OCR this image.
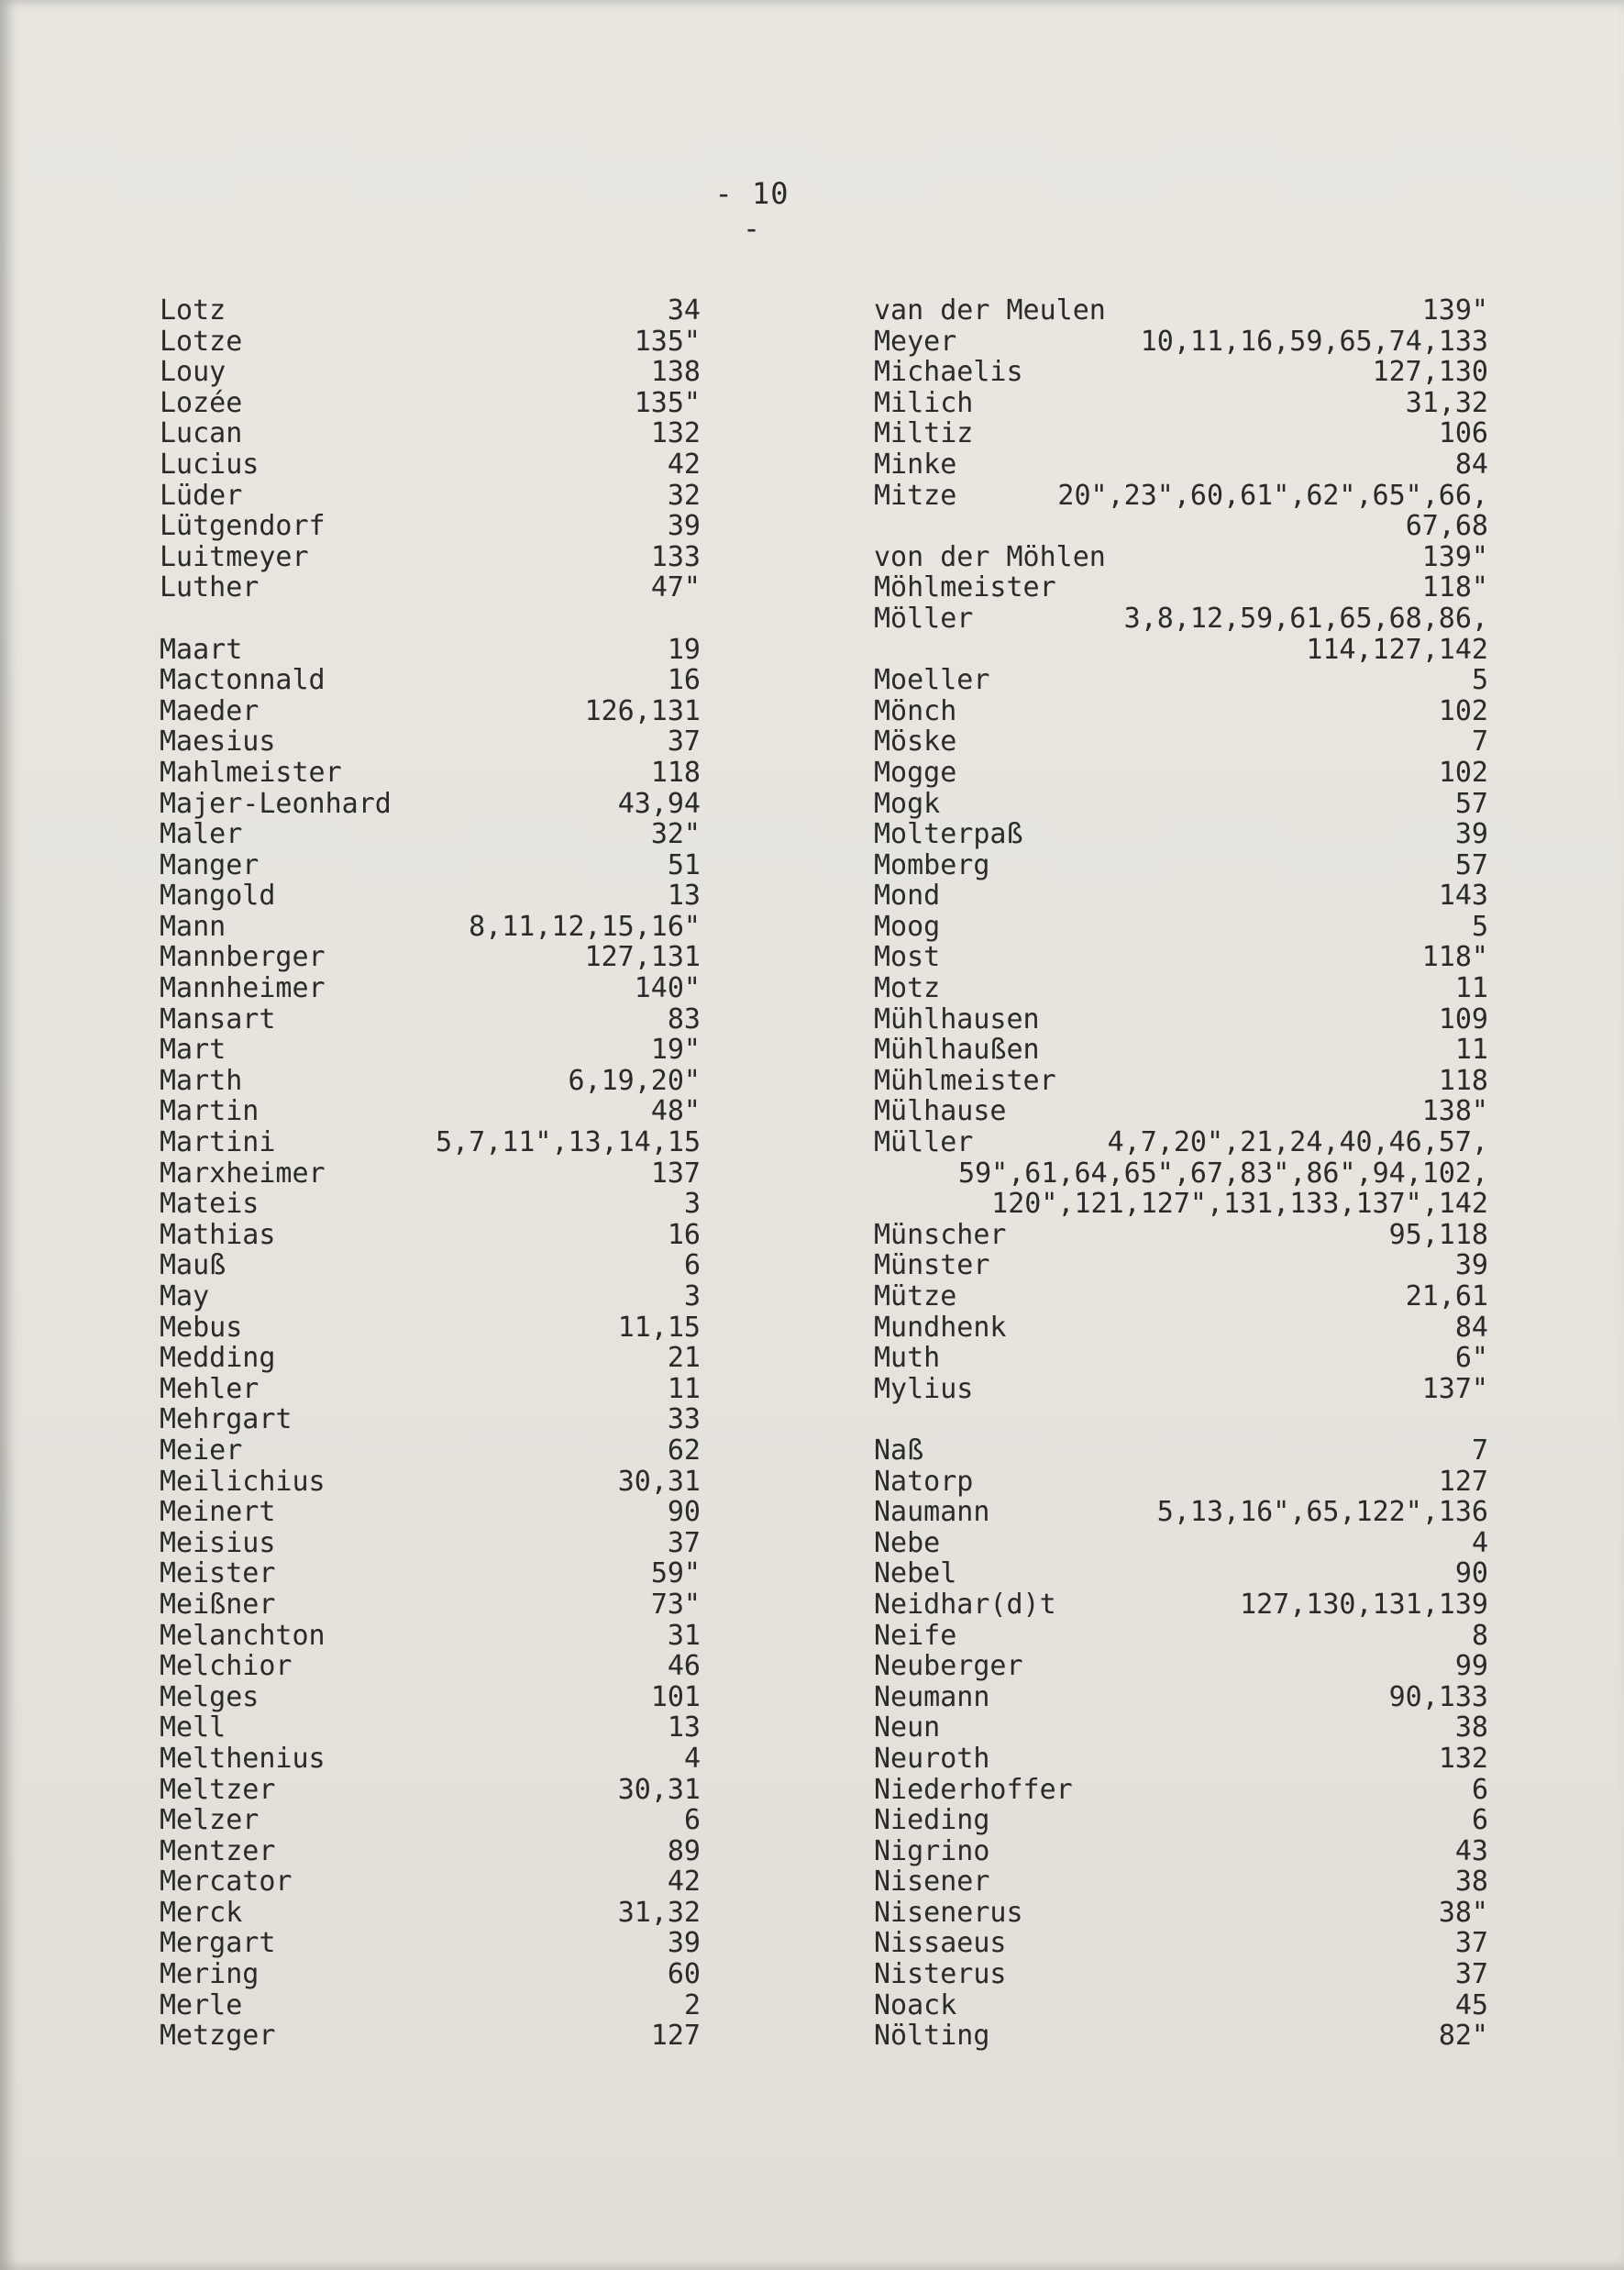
- 10 -
Lotz	34
Lotze	135"
Louy	138
Lozée	135"
Lucan	132
Lucius	42
Lüder	32
Lütgendorf	39
Luitmeyer	133
Luther	47"
Maart	19
Mactonnald	16
Maeder	126,131
Maesius	37
Mahlmeister	118
Majer-Leonhard	43,94
Maler	32"
Manger	51
Mangold	13
Mann	8,11,12,15,16"
Mannberger	127,131
Mannheimer	140"
Mansart	83
Mart	19"
Marth	6,19,20"
Martin	48"
Martini	5,7,11",13,14,15
Marxheimer	137
Mateis	3
Mathias	16
Mauß	6
May	3
Mebus	11,15
Medding	21
Mehler	11
Mehrgart	33
Meier	62
Meilichius	30,31
Meinert	90
Meisius	37
Meister	59"
Meißner	73"
Melanchton	31
Melchior	46
Melges	101
Mell	13
Melthenius	4
Meltzer	30,31
Melzer	6
Mentzer	89
Mercator	42
Merck	31,32
Mergart	39
Mering	60
Merle	2
Metzger	127
van der Meulen	139"
Meyer	10,11,16,59,65,74,133
Michaelis	127,130
Milich	31,32
Miltiz	106
Minke	84
Mitze	20",23",60,61",62",65",66,
67,68
von der Möhlen	139"
Möhlmeister	118"
Möller	3,8,12,59,61,65,68,86,
114,127,142
Moeller	5
Mönch	102
Möske	7
Mogge	102
Mogk	57
Molterpaß	39
Momberg	57
Mond	143
Moog	5
Most	118"
Motz	11
Mühlhausen	109
Mühlhaußen	11
Mühlmeister	118
Mülhause	138"
Müller	4,7,20",21,24,40,46,57,
59",61,64,65",67,83",86",94,102,
120",121,127",131,133,137",142
Münscher	95,118
Münster	39
Mütze	21,61
Mundhenk	84
Muth	6"
Mylius	137"
Naß	7
Natorp	127
Naumann	5,13,16",65,122",136
Nebe	4
Nebel	90
Neidhar(d)t	127,130,131,139
Neife	8
Neuberger	99
Neumann	90,133
Neun	38
Neuroth	132
Niederhoffer	6
Nieding	6
Nigrino	43
Nisener	38
Nisenerus	38"
Nissaeus	37
Nisterus	37
Noack	45
Nölting	82"
